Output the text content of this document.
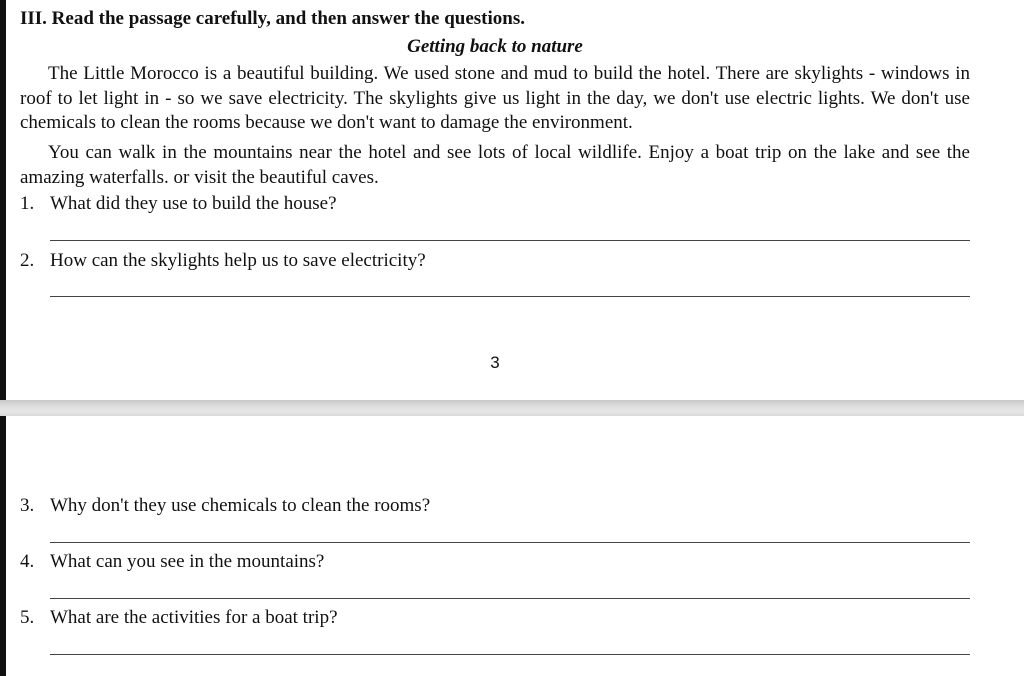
III. Read the passage carefully, and then answer the questions.
Getting back to nature

The Little Morocco is a beautiful building. We used stone and mud to build the hotel. There are skylights - windows in roof to let light in - so we save electricity. The skylights give us light in the day, we don't use electric lights. We don't use chemicals to clean the rooms because we don't want to damage the environment.

You can walk in the mountains near the hotel and see lots of local wildlife. Enjoy a boat trip on the lake and see the amazing waterfalls. or visit the beautiful caves.

1. What did they use to build the house?
2. How can the skylights help us to save electricity?
3
3. Why don't they use chemicals to clean the rooms?
4. What can you see in the mountains?
5. What are the activities for a boat trip?
